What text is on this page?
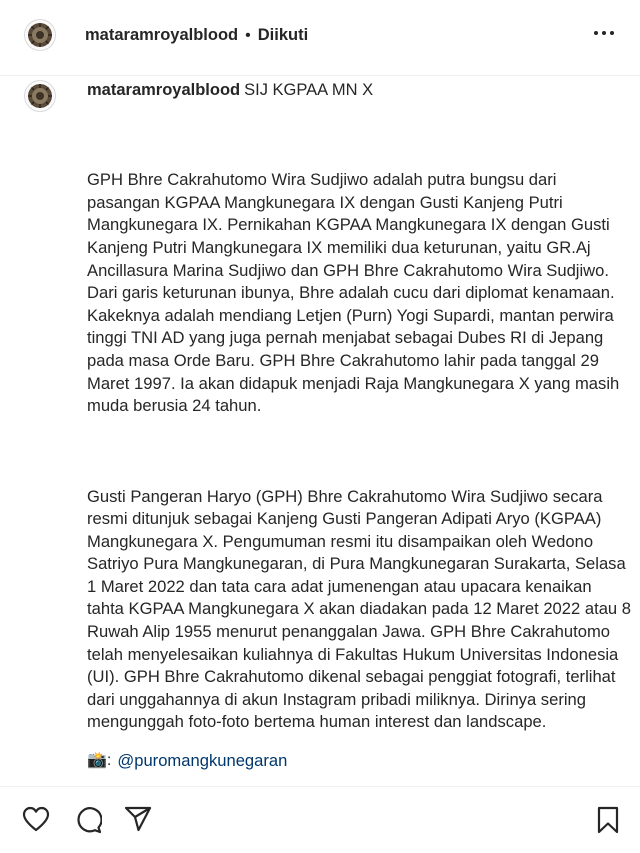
mataramroyalblood • Diikuti
mataramroyalblood SIJ KGPAA MN X

GPH Bhre Cakrahutomo Wira Sudjiwo adalah putra bungsu dari pasangan KGPAA Mangkunegara IX dengan Gusti Kanjeng Putri Mangkunegara IX. Pernikahan KGPAA Mangkunegara IX dengan Gusti Kanjeng Putri Mangkunegara IX memiliki dua keturunan, yaitu GR.Aj Ancillasura Marina Sudjiwo dan GPH Bhre Cakrahutomo Wira Sudjiwo. Dari garis keturunan ibunya, Bhre adalah cucu dari diplomat kenamaan. Kakeknya adalah mendiang Letjen (Purn) Yogi Supardi, mantan perwira tinggi TNI AD yang juga pernah menjabat sebagai Dubes RI di Jepang pada masa Orde Baru. GPH Bhre Cakrahutomo lahir pada tanggal 29 Maret 1997. Ia akan didapuk menjadi Raja Mangkunegara X yang masih muda berusia 24 tahun.

Gusti Pangeran Haryo (GPH) Bhre Cakrahutomo Wira Sudjiwo secara resmi ditunjuk sebagai Kanjeng Gusti Pangeran Adipati Aryo (KGPAA) Mangkunegara X. Pengumuman resmi itu disampaikan oleh Wedono Satriyo Pura Mangkunegaran, di Pura Mangkunegaran Surakarta, Selasa 1 Maret 2022 dan tata cara adat jumenengan atau upacara kenaikan tahta KGPAA Mangkunegara X akan diadakan pada 12 Maret 2022 atau 8 Ruwah Alip 1955 menurut penanggalan Jawa. GPH Bhre Cakrahutomo telah menyelesaikan kuliahnya di Fakultas Hukum Universitas Indonesia (UI). GPH Bhre Cakrahutomo dikenal sebagai penggiat fotografi, terlihat dari unggahannya di akun Instagram pribadi miliknya. Dirinya sering mengunggah foto-foto bertema human interest dan landscape.

📸: @puromangkunegaran
